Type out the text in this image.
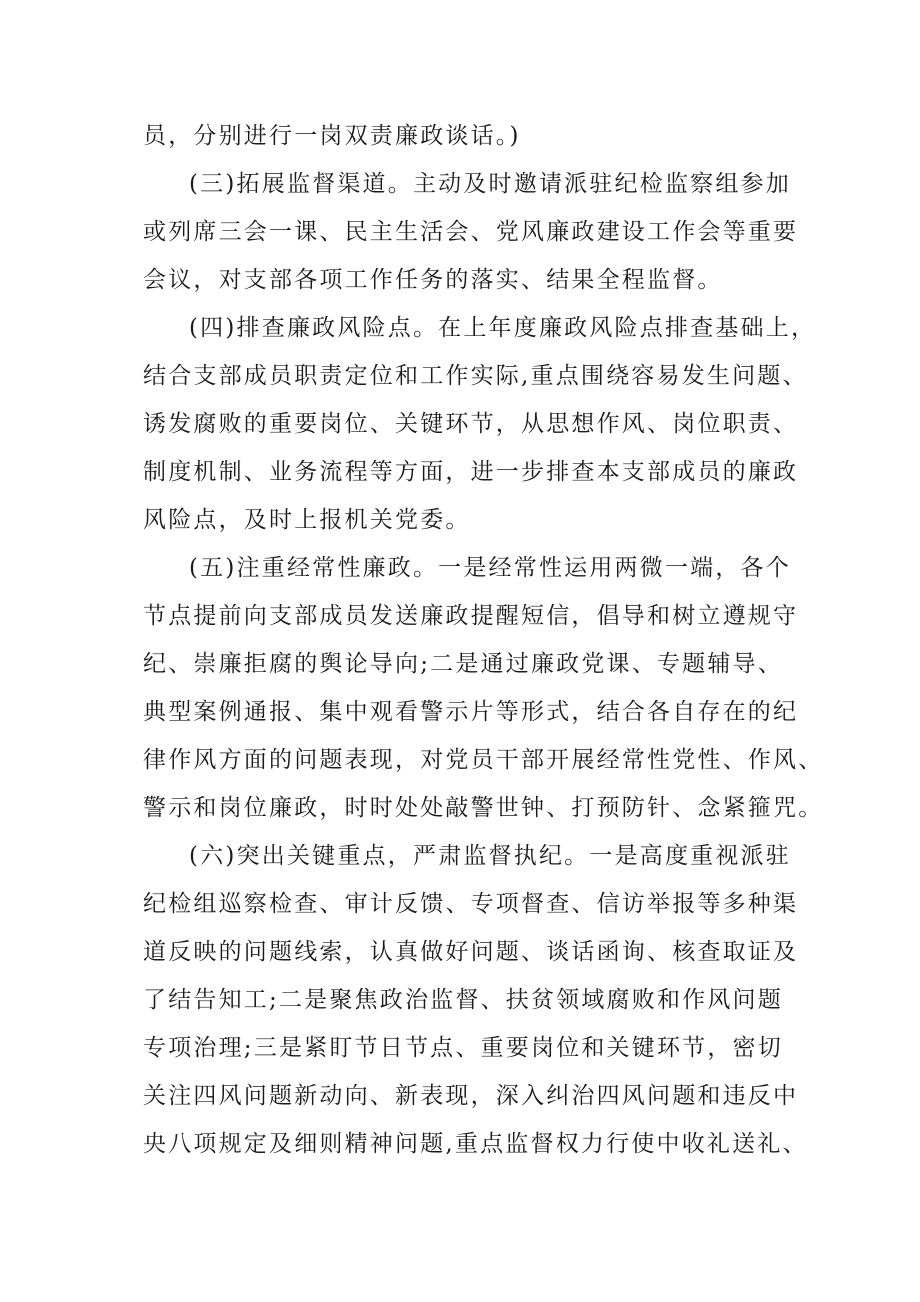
员，分别进行一岗双责廉政谈话。)
(三)拓展监督渠道。主动及时邀请派驻纪检监察组参加
或列席三会一课、民主生活会、党风廉政建设工作会等重要
会议，对支部各项工作任务的落实、结果全程监督。
(四)排查廉政风险点。在上年度廉政风险点排查基础上，
结合支部成员职责定位和工作实际,重点围绕容易发生问题、
诱发腐败的重要岗位、关键环节，从思想作风、岗位职责、
制度机制、业务流程等方面，进一步排查本支部成员的廉政
风险点，及时上报机关党委。
(五)注重经常性廉政。一是经常性运用两微一端，各个
节点提前向支部成员发送廉政提醒短信，倡导和树立遵规守
纪、崇廉拒腐的舆论导向;二是通过廉政党课、专题辅导、
典型案例通报、集中观看警示片等形式，结合各自存在的纪
律作风方面的问题表现，对党员干部开展经常性党性、作风、
警示和岗位廉政，时时处处敲警世钟、打预防针、念紧箍咒。
(六)突出关键重点，严肃监督执纪。一是高度重视派驻
纪检组巡察检查、审计反馈、专项督查、信访举报等多种渠
道反映的问题线索，认真做好问题、谈话函询、核查取证及
了结告知工;二是聚焦政治监督、扶贫领域腐败和作风问题
专项治理;三是紧盯节日节点、重要岗位和关键环节，密切
关注四风问题新动向、新表现，深入纠治四风问题和违反中
央八项规定及细则精神问题,重点监督权力行使中收礼送礼、
